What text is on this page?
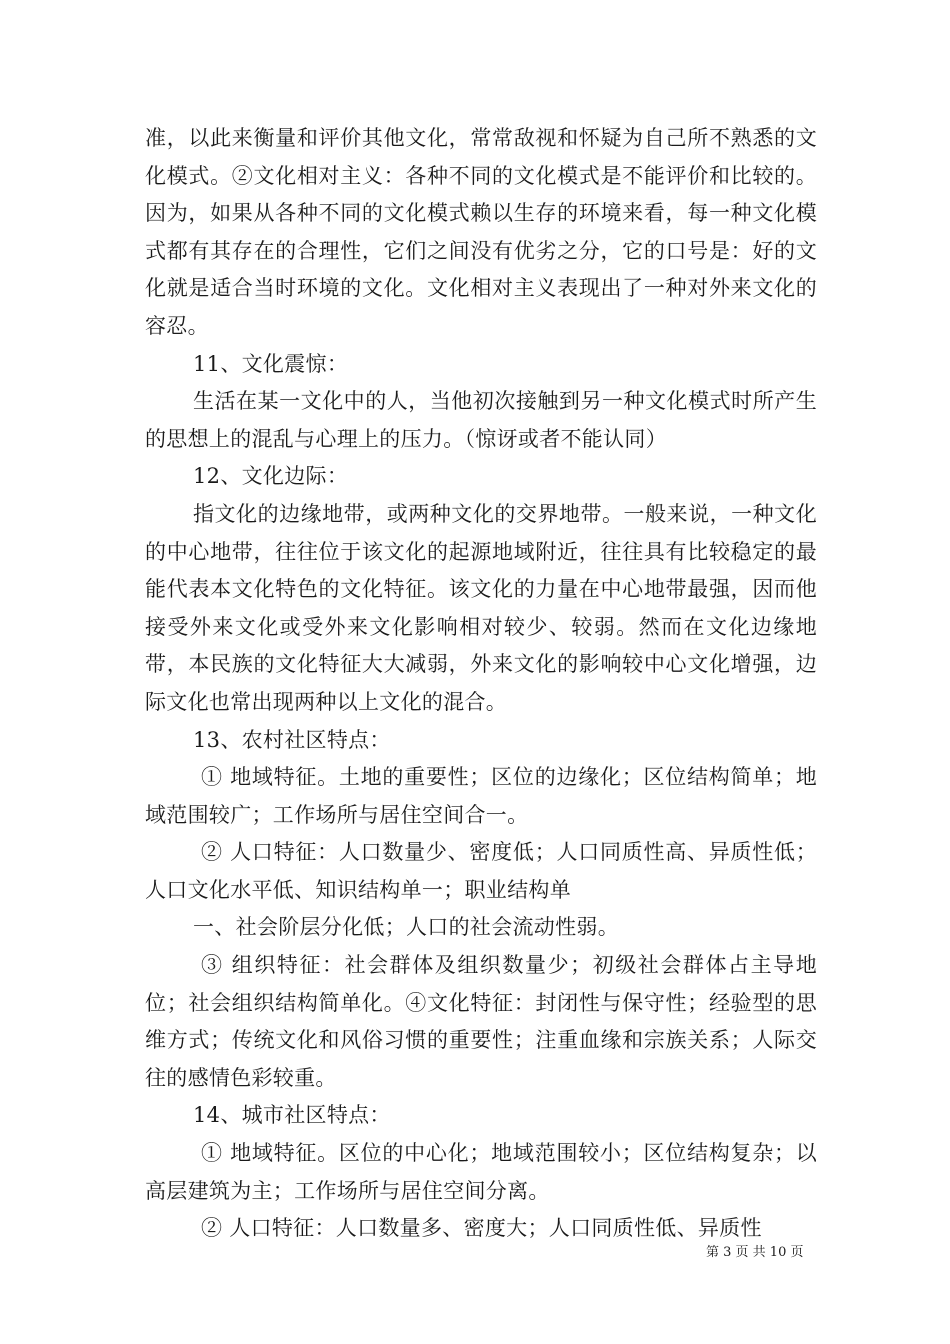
准，以此来衡量和评价其他文化，常常敌视和怀疑为自己所不熟悉的文化模式。②文化相对主义：各种不同的文化模式是不能评价和比较的。因为，如果从各种不同的文化模式赖以生存的环境来看，每一种文化模式都有其存在的合理性，它们之间没有优劣之分，它的口号是：好的文化就是适合当时环境的文化。文化相对主义表现出了一种对外来文化的容忍。

11、文化震惊：

生活在某一文化中的人，当他初次接触到另一种文化模式时所产生的思想上的混乱与心理上的压力。（惊讶或者不能认同）

12、文化边际：

指文化的边缘地带，或两种文化的交界地带。一般来说，一种文化的中心地带，往往位于该文化的起源地域附近，往往具有比较稳定的最能代表本文化特色的文化特征。该文化的力量在中心地带最强，因而他接受外来文化或受外来文化影响相对较少、较弱。然而在文化边缘地带，本民族的文化特征大大减弱，外来文化的影响较中心文化增强，边际文化也常出现两种以上文化的混合。

13、农村社区特点：

① 地域特征。土地的重要性；区位的边缘化；区位结构简单；地域范围较广；工作场所与居住空间合一。

② 人口特征：人口数量少、密度低；人口同质性高、异质性低；人口文化水平低、知识结构单一；职业结构单

一、社会阶层分化低；人口的社会流动性弱。

③ 组织特征：社会群体及组织数量少；初级社会群体占主导地位；社会组织结构简单化。④文化特征：封闭性与保守性；经验型的思维方式；传统文化和风俗习惯的重要性；注重血缘和宗族关系；人际交往的感情色彩较重。

14、城市社区特点：

① 地域特征。区位的中心化；地域范围较小；区位结构复杂；以高层建筑为主；工作场所与居住空间分离。

② 人口特征：人口数量多、密度大；人口同质性低、异质性

第 3 页 共 10 页
